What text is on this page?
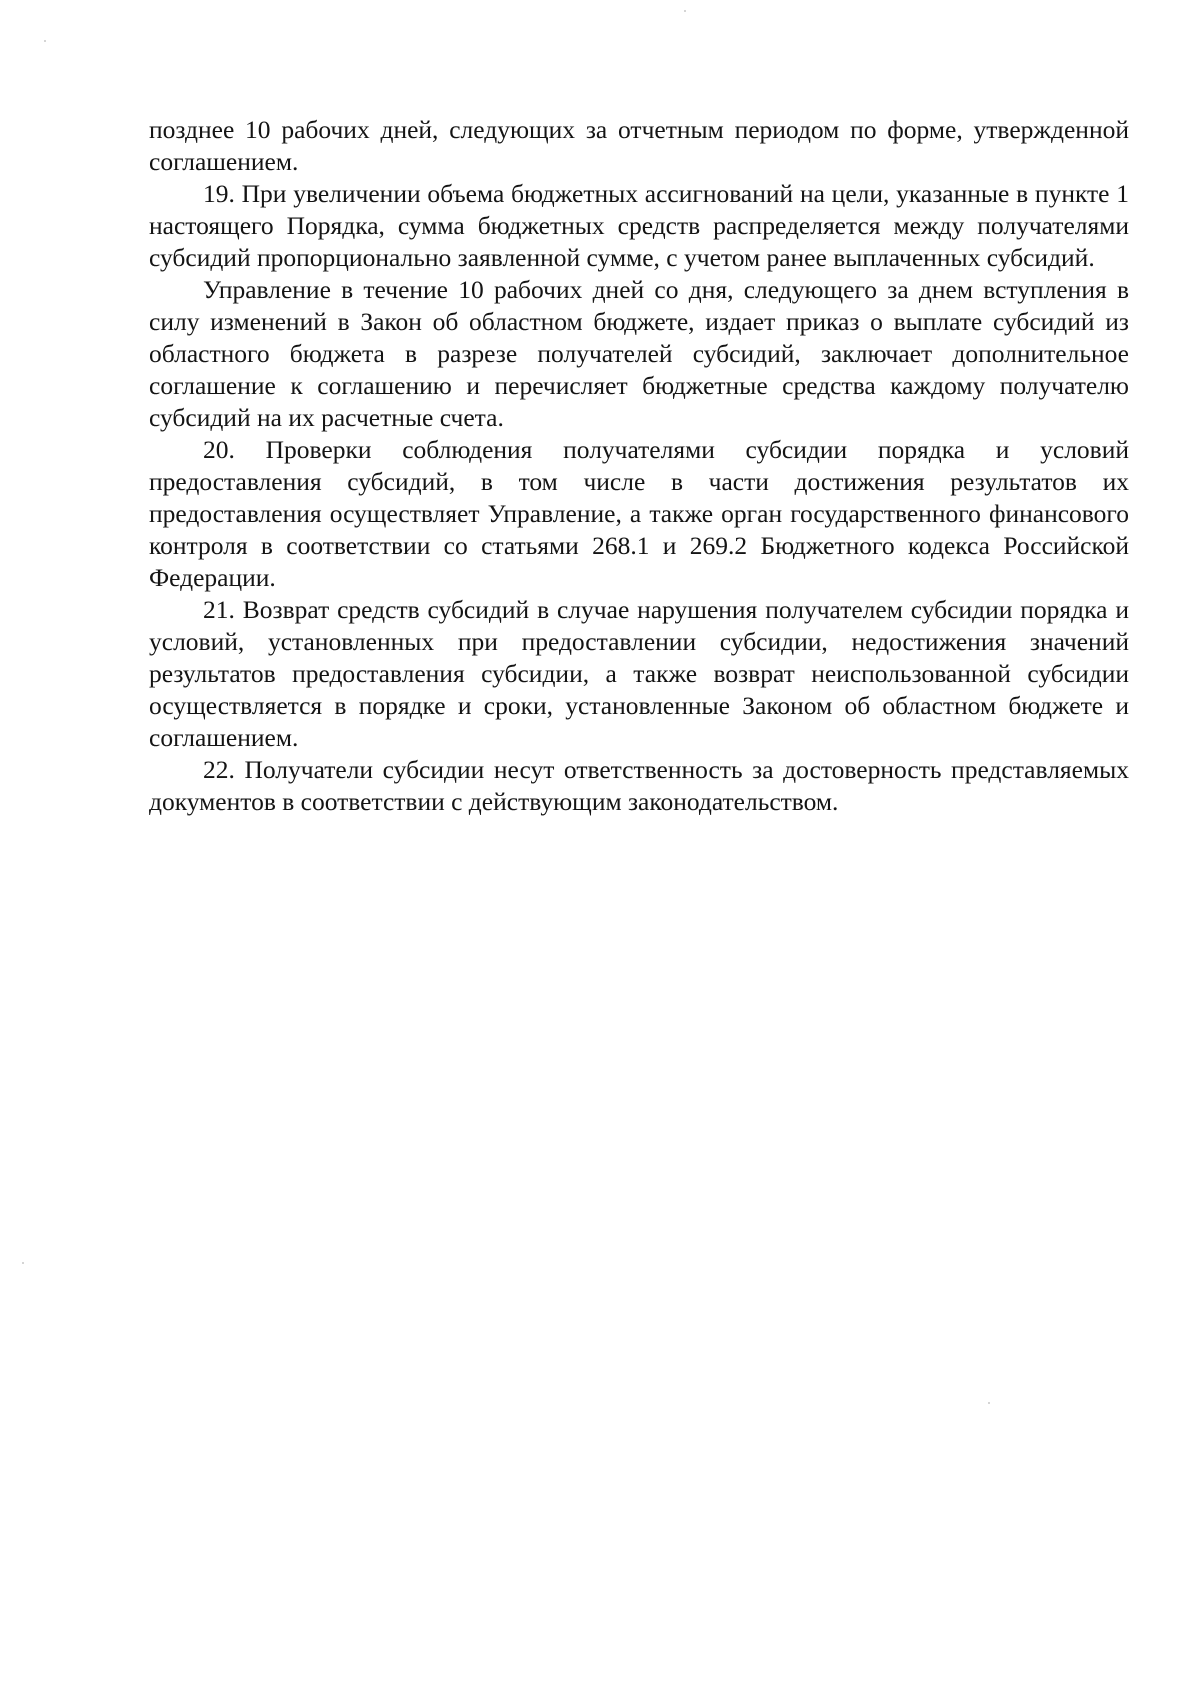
позднее 10 рабочих дней, следующих за отчетным периодом по форме, утвержденной соглашением.

19. При увеличении объема бюджетных ассигнований на цели, указанные в пункте 1 настоящего Порядка, сумма бюджетных средств распределяется между получателями субсидий пропорционально заявленной сумме, с учетом ранее выплаченных субсидий.

Управление в течение 10 рабочих дней со дня, следующего за днем вступления в силу изменений в Закон об областном бюджете, издает приказ о выплате субсидий из областного бюджета в разрезе получателей субсидий, заключает дополнительное соглашение к соглашению и перечисляет бюджетные средства каждому получателю субсидий на их расчетные счета.

20. Проверки соблюдения получателями субсидии порядка и условий предоставления субсидий, в том числе в части достижения результатов их предоставления осуществляет Управление, а также орган государственного финансового контроля в соответствии со статьями 268.1 и 269.2 Бюджетного кодекса Российской Федерации.

21. Возврат средств субсидий в случае нарушения получателем субсидии порядка и условий, установленных при предоставлении субсидии, недостижения значений результатов предоставления субсидии, а также возврат неиспользованной субсидии осуществляется в порядке и сроки, установленные Законом об областном бюджете и соглашением.

22. Получатели субсидии несут ответственность за достоверность представляемых документов в соответствии с действующим законодательством.
